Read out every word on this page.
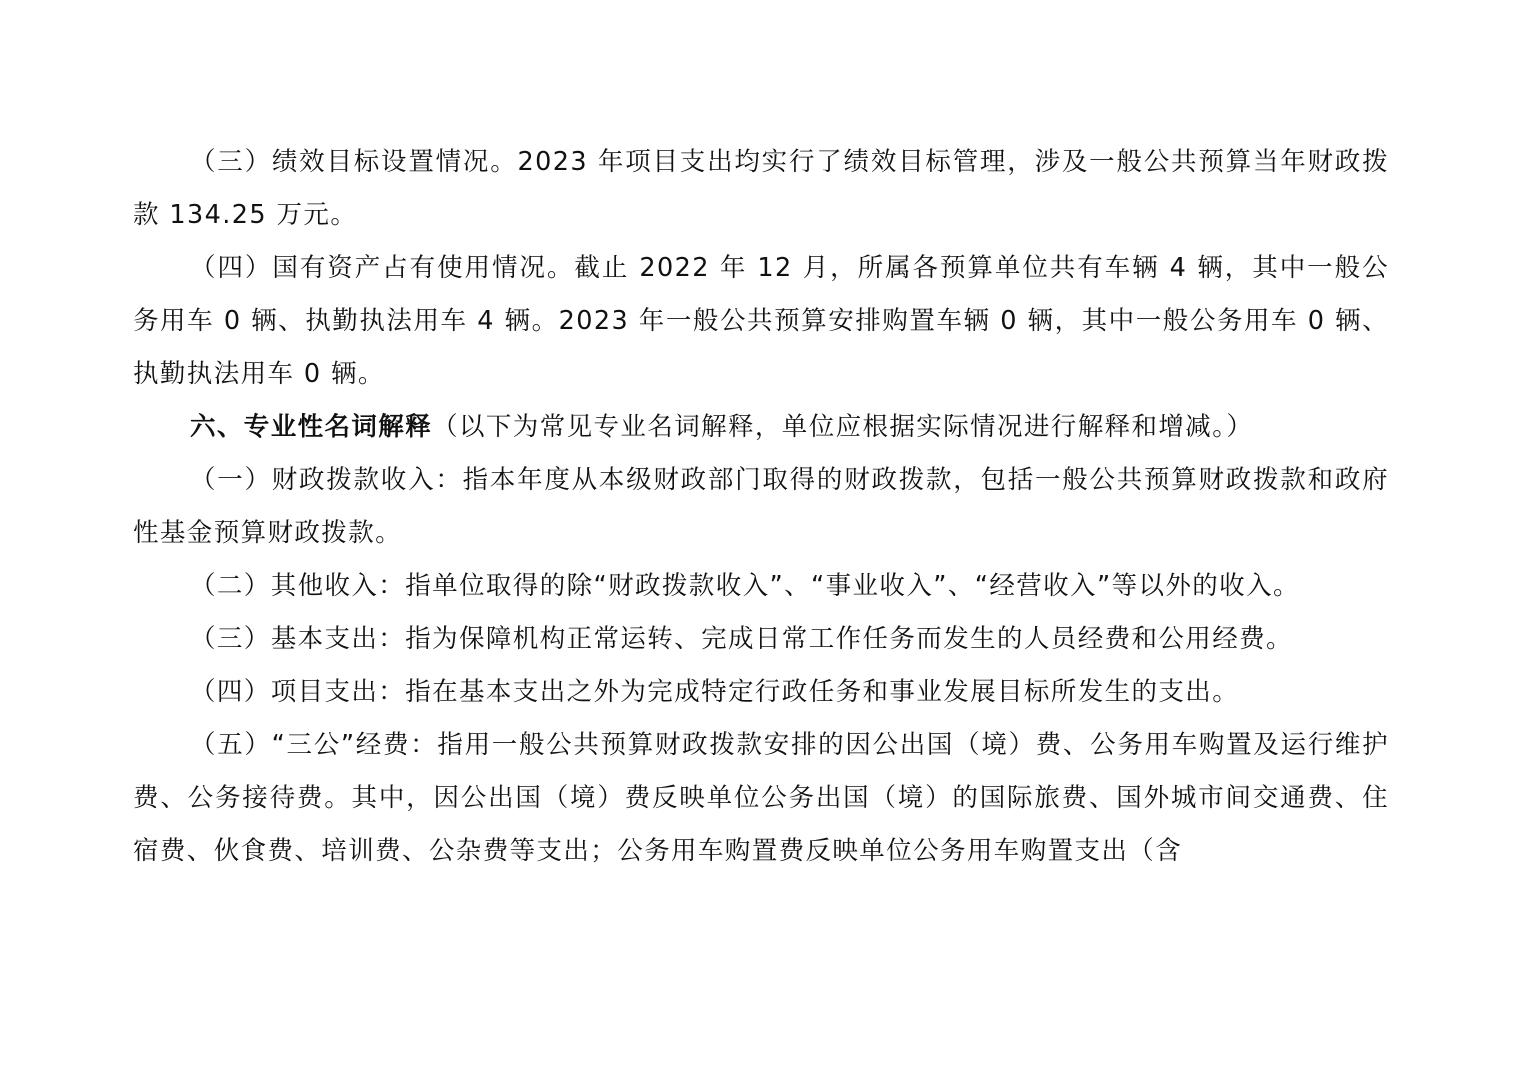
（三）绩效目标设置情况。2023 年项目支出均实行了绩效目标管理，涉及一般公共预算当年财政拨款 134.25 万元。

（四）国有资产占有使用情况。截止 2022 年 12 月，所属各预算单位共有车辆 4 辆，其中一般公务用车 0 辆、执勤执法用车 4 辆。2023 年一般公共预算安排购置车辆 0 辆，其中一般公务用车 0 辆、执勤执法用车 0 辆。

六、专业性名词解释（以下为常见专业名词解释，单位应根据实际情况进行解释和增减。）

（一）财政拨款收入：指本年度从本级财政部门取得的财政拨款，包括一般公共预算财政拨款和政府性基金预算财政拨款。

（二）其他收入：指单位取得的除“财政拨款收入”、“事业收入”、“经营收入”等以外的收入。

（三）基本支出：指为保障机构正常运转、完成日常工作任务而发生的人员经费和公用经费。

（四）项目支出：指在基本支出之外为完成特定行政任务和事业发展目标所发生的支出。

（五）“三公”经费：指用一般公共预算财政拨款安排的因公出国（境）费、公务用车购置及运行维护费、公务接待费。其中，因公出国（境）费反映单位公务出国（境）的国际旅费、国外城市间交通费、住宿费、伙食费、培训费、公杂费等支出；公务用车购置费反映单位公务用车购置支出（含
